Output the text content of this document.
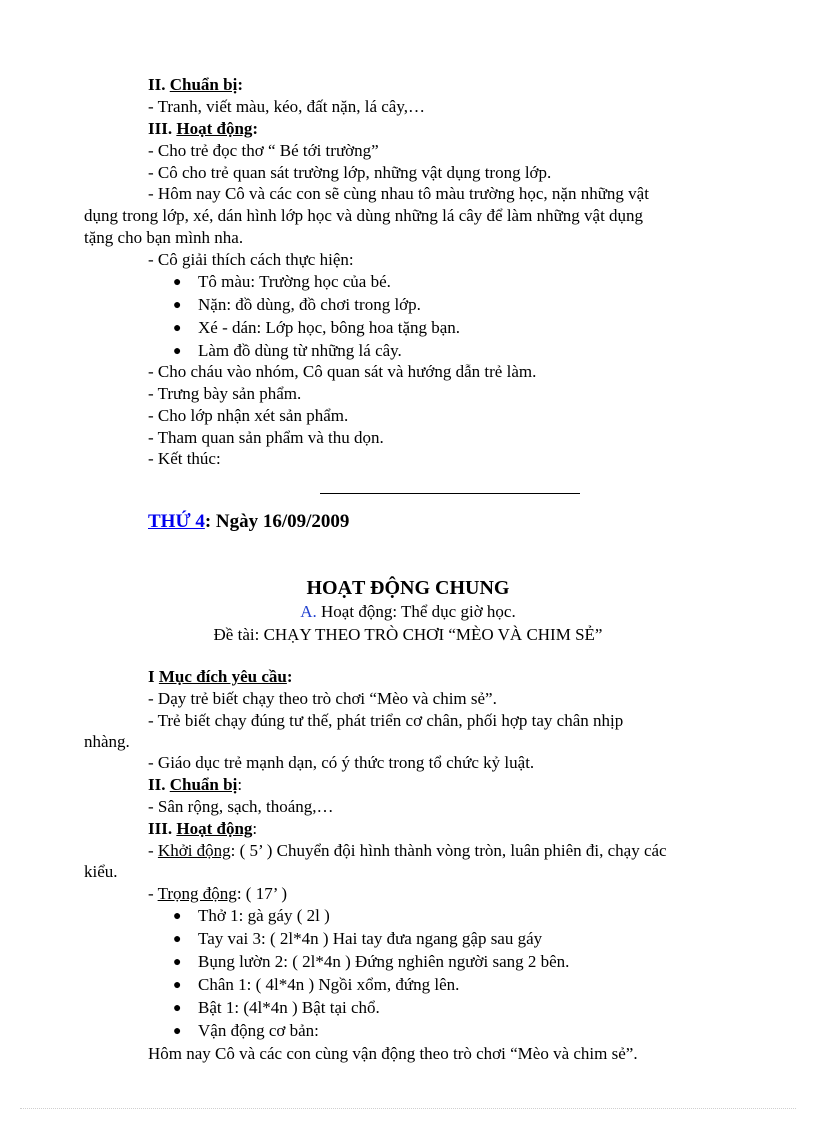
II. Chuẩn bị:
- Tranh, viết màu, kéo, đất nặn, lá cây,…
III. Hoạt động:
- Cho trẻ đọc thơ “ Bé tới trường”
- Cô cho trẻ quan sát trường lớp, những vật dụng trong lớp.
- Hôm nay Cô và các con sẽ cùng nhau tô màu trường học, nặn những vật
dụng trong lớp, xé, dán hình lớp học và dùng những lá cây để làm những vật dụng
tặng cho bạn mình nha.
- Cô giải thích cách thực hiện:
● Tô màu: Trường học của bé.
● Nặn: đồ dùng, đồ chơi trong lớp.
● Xé - dán: Lớp học, bông hoa tặng bạn.
● Làm đồ dùng từ những lá cây.
- Cho cháu vào nhóm, Cô quan sát và hướng dẫn trẻ làm.
- Trưng bày sản phẩm.
- Cho lớp nhận xét sản phẩm.
- Tham quan sản phẩm và thu dọn.
- Kết thúc:
THỨ 4: Ngày 16/09/2009
HOẠT ĐỘNG CHUNG
A. Hoạt động: Thể dục giờ học.
Đề tài: CHẠY THEO TRÒ CHƠI “MÈO VÀ CHIM SẺ”
I Mục đích yêu cầu:
- Dạy trẻ biết chạy theo trò chơi “Mèo và chim sẻ”.
- Trẻ biết chạy đúng tư thế, phát triển cơ chân, phối hợp tay chân nhịp
nhàng.
- Giáo dục trẻ mạnh dạn, có ý thức trong tổ chức kỷ luật.
II. Chuẩn bị:
- Sân rộng, sạch, thoáng,…
III. Hoạt động:
- Khởi động: ( 5’ ) Chuyển đội hình thành vòng tròn, luân phiên đi, chạy các
kiểu.
- Trọng động: ( 17’ )
● Thở 1: gà gáy ( 2l )
● Tay vai 3: ( 2l*4n ) Hai tay đưa ngang gập sau gáy
● Bụng lườn 2: ( 2l*4n ) Đứng nghiên người sang 2 bên.
● Chân 1: ( 4l*4n ) Ngồi xổm, đứng lên.
● Bật 1: (4l*4n ) Bật tại chổ.
● Vận động cơ bản:
Hôm nay Cô và các con cùng vận động theo trò chơi “Mèo và chim sẻ”.
